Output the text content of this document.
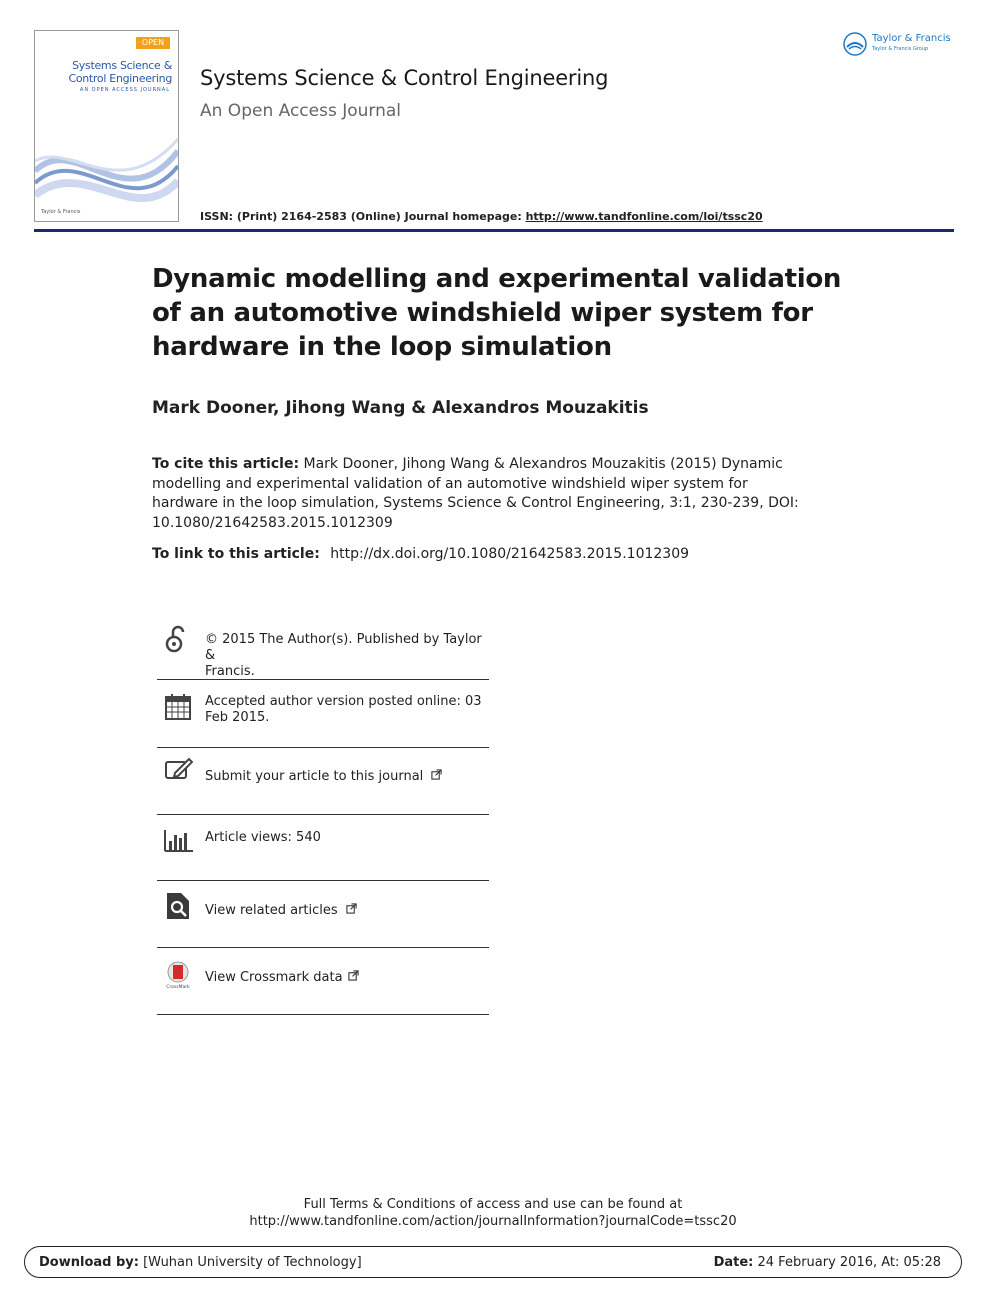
OPEN
Systems Science &
Control Engineering
AN OPEN ACCESS JOURNAL
Taylor & Francis
Systems Science & Control Engineering
An Open Access Journal
Taylor & Francis
Taylor & Francis Group
ISSN: (Print) 2164-2583 (Online) Journal homepage: http://www.tandfonline.com/loi/tssc20
Dynamic modelling and experimental validation
of an automotive windshield wiper system for
hardware in the loop simulation
Mark Dooner, Jihong Wang & Alexandros Mouzakitis
To cite this article: Mark Dooner, Jihong Wang & Alexandros Mouzakitis (2015) Dynamic
modelling and experimental validation of an automotive windshield wiper system for
hardware in the loop simulation, Systems Science & Control Engineering, 3:1, 230-239, DOI:
10.1080/21642583.2015.1012309
To link to this article: http://dx.doi.org/10.1080/21642583.2015.1012309
© 2015 The Author(s). Published by Taylor &
Francis.
Accepted author version posted online: 03
Feb 2015.
Submit your article to this journal
Article views: 540
View related articles
CrossMark
View Crossmark data
Full Terms & Conditions of access and use can be found at
http://www.tandfonline.com/action/journalInformation?journalCode=tssc20
Download by: [Wuhan University of Technology]	Date: 24 February 2016, At: 05:28
